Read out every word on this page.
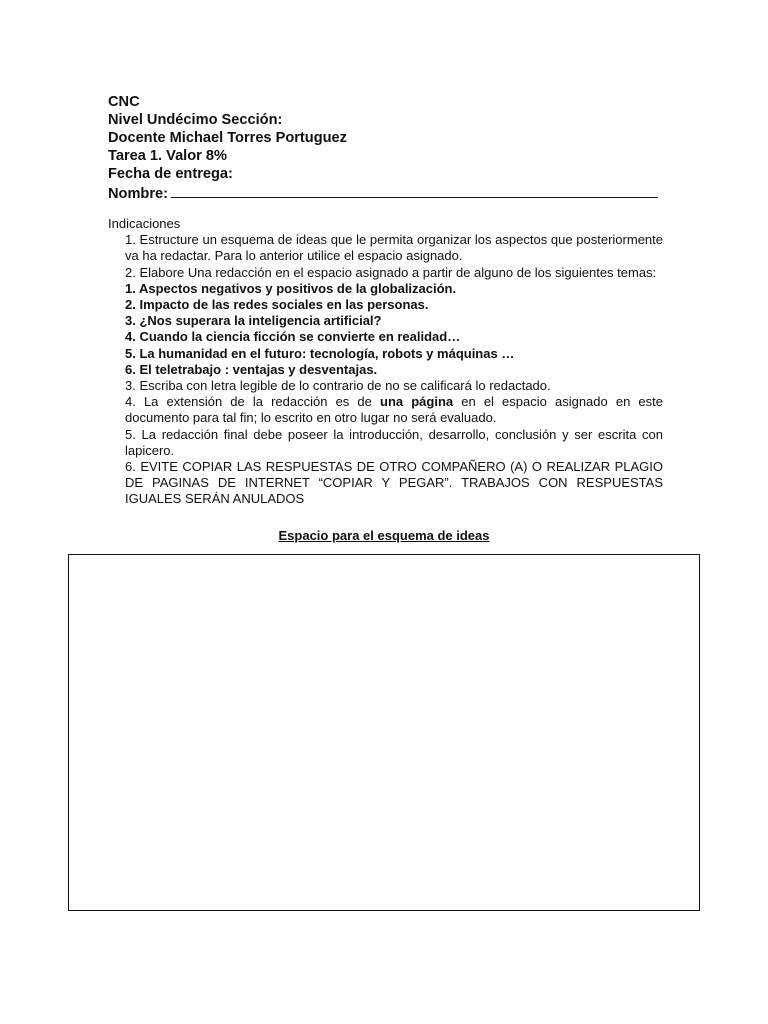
CNC
Nivel Undécimo Sección:
Docente Michael Torres Portuguez
Tarea 1. Valor 8%
Fecha de entrega:
Nombre:
Indicaciones
1. Estructure un esquema de ideas que le permita organizar los aspectos que posteriormente va ha redactar. Para lo anterior utilice el espacio asignado.
2. Elabore Una redacción en el espacio asignado a partir de alguno de los siguientes temas:
1. Aspectos negativos y positivos de la globalización.
2. Impacto de las redes sociales en las personas.
3. ¿Nos superara la inteligencia artificial?
4. Cuando la ciencia ficción se convierte en realidad…
5. La humanidad en el futuro: tecnología, robots y máquinas …
6. El teletrabajo : ventajas y desventajas.
3. Escriba con letra legible de lo contrario de no se calificará lo redactado.
4. La extensión de la redacción es de una página en el espacio asignado en este documento para tal fin; lo escrito en otro lugar no será evaluado.
5. La redacción final debe poseer la introducción, desarrollo, conclusión y ser escrita con lapicero.
6. EVITE COPIAR LAS RESPUESTAS DE OTRO COMPAÑERO (A) O REALIZAR PLAGIO DE PAGINAS DE INTERNET “COPIAR Y PEGAR”. TRABAJOS CON RESPUESTAS IGUALES SERÁN ANULADOS
Espacio para el esquema de ideas
